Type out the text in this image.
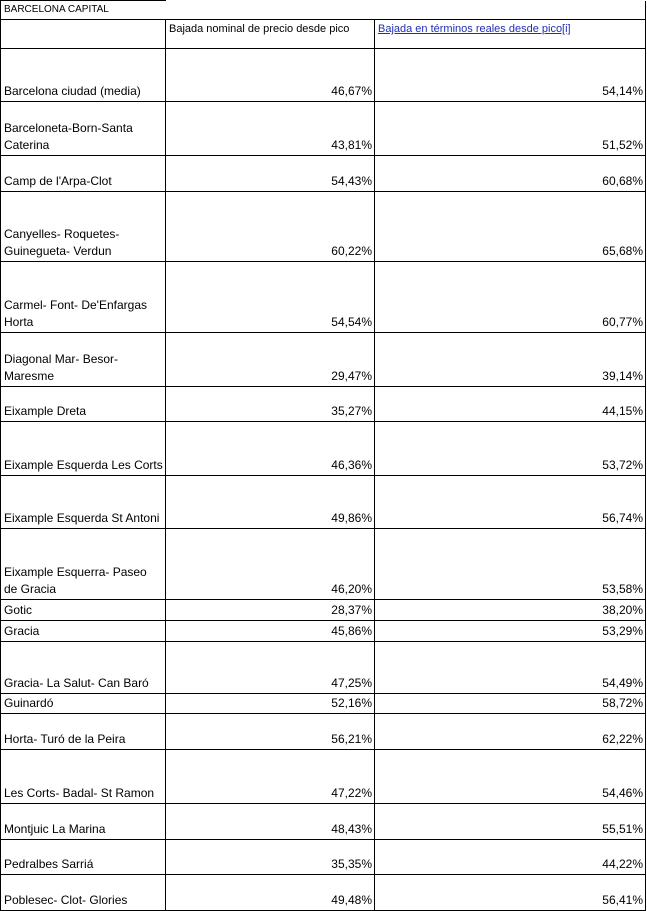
BARCELONA CAPITAL		
	Bajada nominal de precio desde pico	Bajada en términos reales desde pico[i]
Barcelona ciudad (media)	46,67%	54,14%
Barceloneta-Born-Santa Caterina	43,81%	51,52%
Camp de l'Arpa-Clot	54,43%	60,68%
Canyelles- Roquetes- Guinegueta- Verdun	60,22%	65,68%
Carmel- Font- De'Enfargas Horta	54,54%	60,77%
Diagonal Mar- Besor- Maresme	29,47%	39,14%
Eixample Dreta	35,27%	44,15%
Eixample Esquerda Les Corts	46,36%	53,72%
Eixample Esquerda St Antoni	49,86%	56,74%
Eixample Esquerra- Paseo de Gracia	46,20%	53,58%
Gotic	28,37%	38,20%
Gracia	45,86%	53,29%
Gracia- La Salut- Can Baró	47,25%	54,49%
Guinardó	52,16%	58,72%
Horta- Turó de la Peira	56,21%	62,22%
Les Corts- Badal- St Ramon	47,22%	54,46%
Montjuic La Marina	48,43%	55,51%
Pedralbes Sarriá	35,35%	44,22%
Poblesec- Clot- Glories	49,48%	56,41%
